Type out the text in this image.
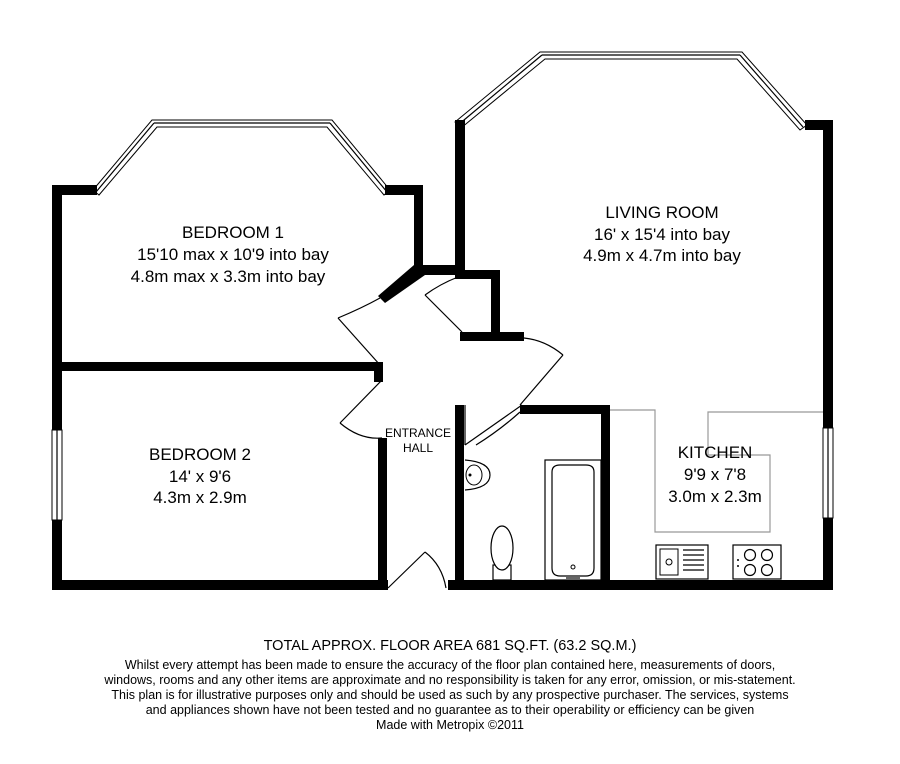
BEDROOM 1
15'10 max x 10'9 into bay
4.8m max x 3.3m into bay
BEDROOM 2
14' x 9'6
4.3m x 2.9m
LIVING ROOM
16' x 15'4 into bay
4.9m x 4.7m into bay
KITCHEN
9'9 x 7'8
3.0m x 2.3m
ENTRANCE
HALL
TOTAL APPROX. FLOOR AREA 681 SQ.FT. (63.2 SQ.M.)
Whilst every attempt has been made to ensure the accuracy of the floor plan contained here, measurements of doors, windows, rooms and any other items are approximate and no responsibility is taken for any error, omission, or mis-statement. This plan is for illustrative purposes only and should be used as such by any prospective purchaser. The services, systems and appliances shown have not been tested and no guarantee as to their operability or efficiency can be given
Made with Metropix ©2011
